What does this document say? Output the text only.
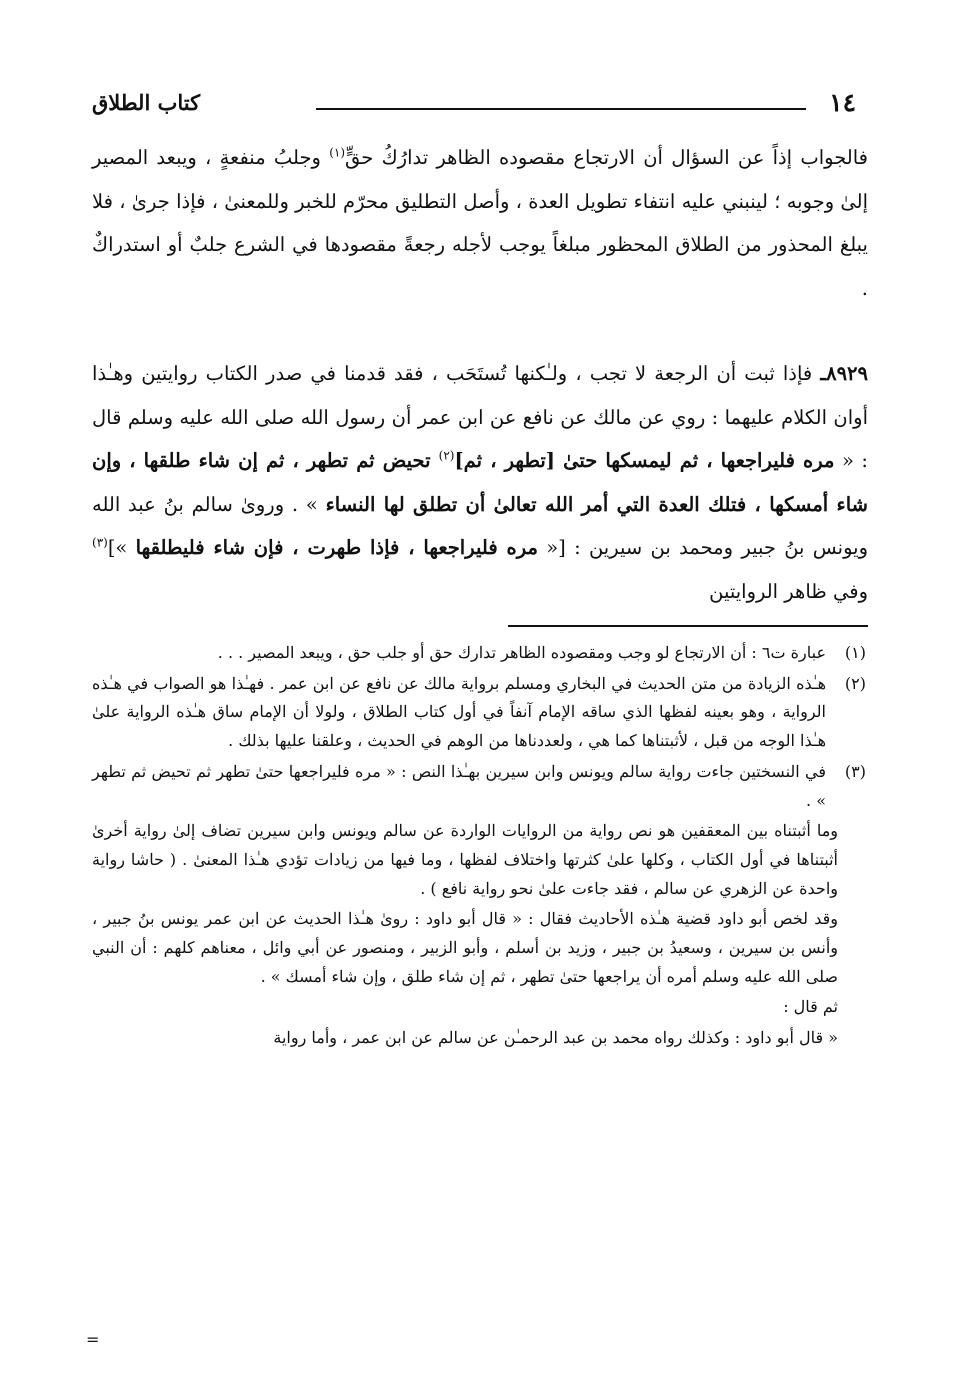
١٤
كتاب الطلاق

فالجواب إذاً عن السؤال أن الارتجاع مقصوده الظاهر تدارُكُ حقٍّ$^{(١)}$ وجلبُ منفعةٍ ، ويبعد المصير إلىٰ وجوبه ؛ لينبني عليه انتفاء تطويل العدة ، وأصل التطليق محرّم للخبر وللمعنىٰ ، فإذا جرىٰ ، فلا يبلغ المحذور من الطلاق المحظور مبلغاً يوجب لأجله رجعةً مقصودها في الشرع جلبٌ أو استدراكٌ .

٨٩٢٩ـ فإذا ثبت أن الرجعة لا تجب ، ولـٰكنها تُستَحَب ، فقد قدمنا في صدر الكتاب روايتين وهـٰذا أوان الكلام عليهما : روي عن مالك عن نافع عن ابن عمر أن رسول الله صلى الله عليه وسلم قال : « مره فليراجعها ، ثم ليمسكها حتىٰ [تطهر ، ثم]$^{(٢)}$ تحيض ثم تطهر ، ثم إن شاء طلقها ، وإن شاء أمسكها ، فتلك العدة التي أمر الله تعالىٰ أن تطلق لها النساء » . ورویٰ سالم بنُ عبد الله ويونس بنُ جبير ومحمد بن سيرين : [« مره فليراجعها ، فإذا طهرت ، فإن شاء فليطلقها »]$^{(٣)}$ وفي ظاهر الروايتين

(١)
عبارة ت٦ : أن الارتجاع لو وجب ومقصوده الظاهر تدارك حق أو جلب حق ، ويبعد المصير . . .
(٢)
هـٰذه الزيادة من متن الحديث في البخاري ومسلم برواية مالك عن نافع عن ابن عمر . فهـٰذا هو الصواب في هـٰذه الرواية ، وهو بعينه لفظها الذي ساقه الإمام آنفاً في أول كتاب الطلاق ، ولولا أن الإمام ساق هـٰذه الرواية علىٰ هـٰذا الوجه من قبل ، لأثبتناها كما هي ، ولعددناها من الوهم في الحديث ، وعلقنا عليها بذلك .
(٣)
في النسختين جاءت رواية سالم ويونس وابن سيرين بهـٰذا النص : « مره فليراجعها حتىٰ تطهر ثم تحيض ثم تطهر » .
وما أثبتناه بين المعقفين هو نص رواية من الروايات الواردة عن سالم ويونس وابن سيرين تضاف إلىٰ رواية أخرىٰ أثبتناها في أول الكتاب ، وكلها علىٰ كثرتها واختلاف لفظها ، وما فيها من زيادات تؤدي هـٰذا المعنىٰ . ( حاشا رواية واحدة عن الزهري عن سالم ، فقد جاءت علىٰ نحو رواية نافع ) .
وقد لخص أبو داود قضية هـٰذه الأحاديث فقال : « قال أبو داود : رویٰ هـٰذا الحديث عن ابن عمر يونس بنُ جبير ، وأنس بن سيرين ، وسعيدُ بن جبير ، وزيد بن أسلم ، وأبو الزبير ، ومنصور عن أبي وائل ، معناهم كلهم : أن النبي صلى الله عليه وسلم أمره أن يراجعها حتىٰ تطهر ، ثم إن شاء طلق ، وإن شاء أمسك » .
ثم قال :
« قال أبو داود : وكذلك رواه محمد بن عبد الرحمـٰن عن سالم عن ابن عمر ، وأما رواية
=
